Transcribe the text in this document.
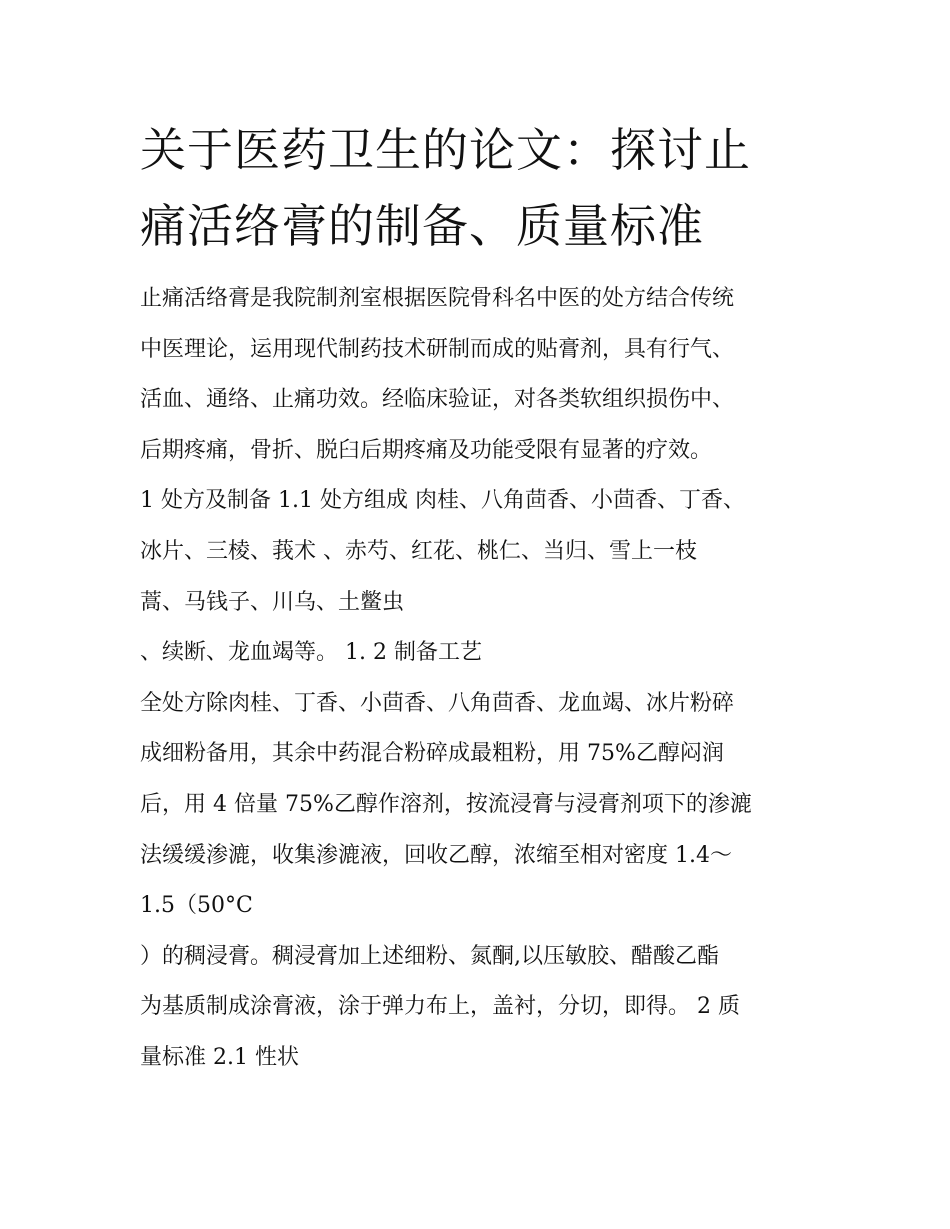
关于医药卫生的论文：探讨止
痛活络膏的制备、质量标准
止痛活络膏是我院制剂室根据医院骨科名中医的处方结合传统
中医理论，运用现代制药技术研制而成的贴膏剂，具有行气、
活血、通络、止痛功效。经临床验证，对各类软组织损伤中、
后期疼痛，骨折、脱臼后期疼痛及功能受限有显著的疗效。
1 处方及制备 1.1 处方组成 肉桂、八角茴香、小茴香、丁香、
冰片、三棱、莪术 、赤芍、红花、桃仁、当归、雪上一枝
蒿、马钱子、川乌、土鳖虫
、续断、龙血竭等。 1. 2 制备工艺
全处方除肉桂、丁香、小茴香、八角茴香、龙血竭、冰片粉碎
成细粉备用，其余中药混合粉碎成最粗粉，用 75%乙醇闷润
后，用 4 倍量 75%乙醇作溶剂，按流浸膏与浸膏剂项下的渗漉
法缓缓渗漉，收集渗漉液，回收乙醇，浓缩至相对密度 1.4～
1.5（50°C
）的稠浸膏。稠浸膏加上述细粉、氮酮,以压敏胶、醋酸乙酯
为基质制成涂膏液，涂于弹力布上，盖衬，分切，即得。 2 质
量标准 2.1 性状
